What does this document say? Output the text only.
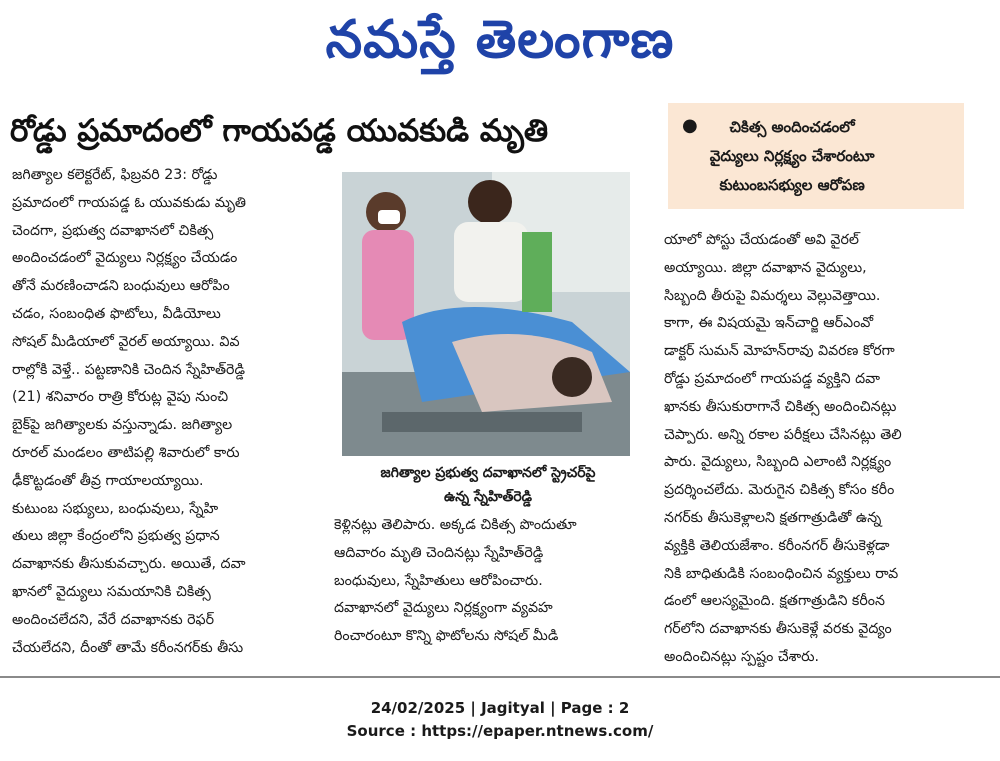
నమస్తే తెలంగాణ
రోడ్డు ప్రమాదంలో గాయపడ్డ యువకుడి మృతి	●	చికిత్స అందించడంలో
వైద్యులు నిర్లక్ష్యం చేశారంటూ
కుటుంబసభ్యుల ఆరోపణ
జగిత్యాల కలెక్టరేట్, ఫిబ్రవరి 23: రోడ్డు
ప్రమాదంలో గాయపడ్డ ఓ యువకుడు మృతి
చెందగా, ప్రభుత్వ దవాఖానలో చికిత్స
అందించడంలో వైద్యులు నిర్లక్ష్యం చేయడం
తోనే మరణించాడని బంధువులు ఆరోపిం
చడం, సంబంధిత ఫొటోలు, వీడియోలు
సోషల్ మీడియాలో వైరల్ అయ్యాయి. వివ
రాల్లోకి వెళ్తే.. పట్టణానికి చెందిన స్నేహిత్‌రెడ్డి
(21) శనివారం రాత్రి కోరుట్ల వైపు నుంచి
బైక్‌పై జగిత్యాలకు వస్తున్నాడు. జగిత్యాల
రూరల్ మండలం తాటిపల్లి శివారులో కారు
ఢీకొట్టడంతో తీవ్ర గాయాలయ్యాయి.
కుటుంబ సభ్యులు, బంధువులు, స్నేహి
తులు జిల్లా కేంద్రంలోని ప్రభుత్వ ప్రధాన
దవాఖానకు తీసుకువచ్చారు. అయితే, దవా
ఖానలో వైద్యులు సమయానికి చికిత్స
అందించలేదని, వేరే దవాఖానకు రెఫర్
చేయలేదని, దీంతో తామే కరీంనగర్‌కు తీసు
జగిత్యాల ప్రభుత్వ దవాఖానలో స్ట్రెచర్‌పై
ఉన్న స్నేహిత్‌రెడ్డి
కెళ్లినట్లు తెలిపారు. అక్కడ చికిత్స పొందుతూ
ఆదివారం మృతి చెందినట్లు స్నేహిత్‌రెడ్డి
బంధువులు, స్నేహితులు ఆరోపించారు.
దవాఖానలో వైద్యులు నిర్లక్ష్యంగా వ్యవహ
రించారంటూ కొన్ని ఫొటోలను సోషల్ మీడి
యాలో పోస్టు చేయడంతో అవి వైరల్
అయ్యాయి. జిల్లా దవాఖాన వైద్యులు,
సిబ్బంది తీరుపై విమర్శలు వెల్లువెత్తాయి.
కాగా, ఈ విషయమై ఇన్‌చార్జి ఆర్‌ఎంవో
డాక్టర్ సుమన్ మోహన్‌రావు వివరణ కోరగా
రోడ్డు ప్రమాదంలో గాయపడ్డ వ్యక్తిని దవా
ఖానకు తీసుకురాగానే చికిత్స అందించినట్లు
చెప్పారు. అన్ని రకాల పరీక్షలు చేసినట్లు తెలి
పారు. వైద్యులు, సిబ్బంది ఎలాంటి నిర్లక్ష్యం
ప్రదర్శించలేదు. మెరుగైన చికిత్స కోసం కరీం
నగర్‌కు తీసుకెళ్లాలని క్షతగాత్రుడితో ఉన్న
వ్యక్తికి తెలియజేశాం. కరీంనగర్ తీసుకెళ్లడా
నికి బాధితుడికి సంబంధించిన వ్యక్తులు రావ
డంలో ఆలస్యమైంది. క్షతగాత్రుడిని కరీంన
గర్‌లోని దవాఖానకు తీసుకెళ్లే వరకు వైద్యం
అందించినట్లు స్పష్టం చేశారు.
24/02/2025 | Jagityal | Page : 2
Source : https://epaper.ntnews.com/
